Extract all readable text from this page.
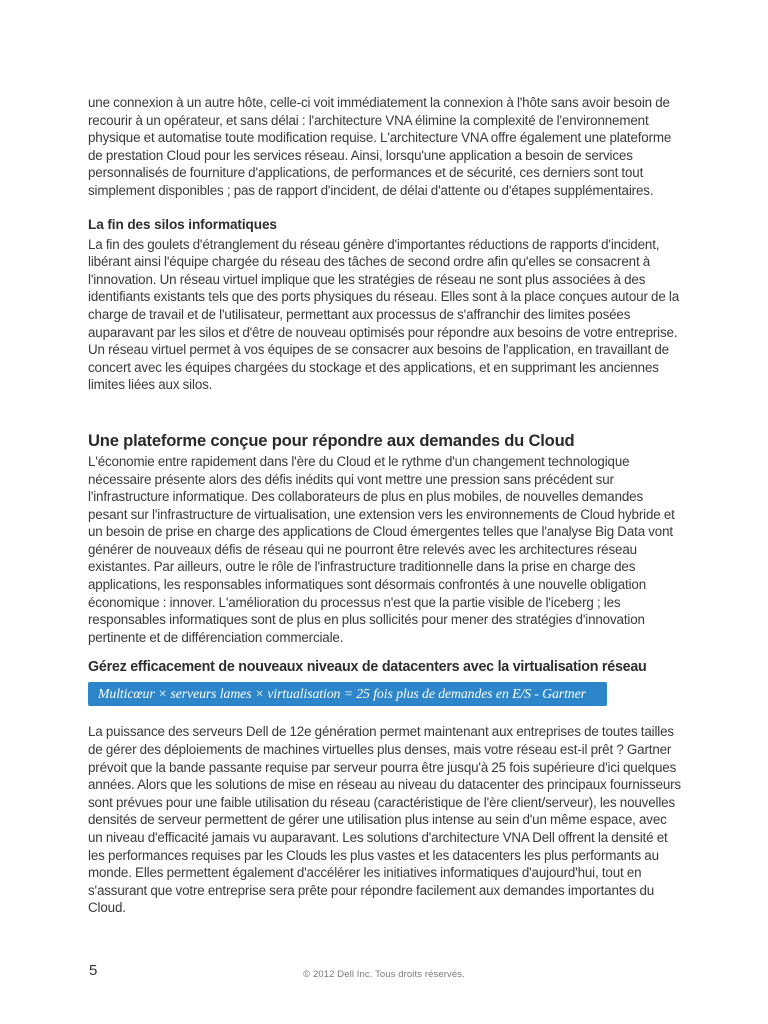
une connexion à un autre hôte, celle-ci voit immédiatement la connexion à l'hôte sans avoir besoin de recourir à un opérateur, et sans délai : l'architecture VNA élimine la complexité de l'environnement physique et automatise toute modification requise. L'architecture VNA offre également une plateforme de prestation Cloud pour les services réseau. Ainsi, lorsqu'une application a besoin de services personnalisés de fourniture d'applications, de performances et de sécurité, ces derniers sont tout simplement disponibles ; pas de rapport d'incident, de délai d'attente ou d'étapes supplémentaires.

La fin des silos informatiques

La fin des goulets d'étranglement du réseau génère d'importantes réductions de rapports d'incident, libérant ainsi l'équipe chargée du réseau des tâches de second ordre afin qu'elles se consacrent à l'innovation. Un réseau virtuel implique que les stratégies de réseau ne sont plus associées à des identifiants existants tels que des ports physiques du réseau. Elles sont à la place conçues autour de la charge de travail et de l'utilisateur, permettant aux processus de s'affranchir des limites posées auparavant par les silos et d'être de nouveau optimisés pour répondre aux besoins de votre entreprise. Un réseau virtuel permet à vos équipes de se consacrer aux besoins de l'application, en travaillant de concert avec les équipes chargées du stockage et des applications, et en supprimant les anciennes limites liées aux silos.

Une plateforme conçue pour répondre aux demandes du Cloud

L'économie entre rapidement dans l'ère du Cloud et le rythme d'un changement technologique nécessaire présente alors des défis inédits qui vont mettre une pression sans précédent sur l'infrastructure informatique. Des collaborateurs de plus en plus mobiles, de nouvelles demandes pesant sur l'infrastructure de virtualisation, une extension vers les environnements de Cloud hybride et un besoin de prise en charge des applications de Cloud émergentes telles que l'analyse Big Data vont générer de nouveaux défis de réseau qui ne pourront être relevés avec les architectures réseau existantes. Par ailleurs, outre le rôle de l'infrastructure traditionnelle dans la prise en charge des applications, les responsables informatiques sont désormais confrontés à une nouvelle obligation économique : innover. L'amélioration du processus n'est que la partie visible de l'iceberg ; les responsables informatiques sont de plus en plus sollicités pour mener des stratégies d'innovation pertinente et de différenciation commerciale.

Gérez efficacement de nouveaux niveaux de datacenters avec la virtualisation réseau
Multicœur × serveurs lames × virtualisation = 25 fois plus de demandes en E/S - Gartner

La puissance des serveurs Dell de 12e génération permet maintenant aux entreprises de toutes tailles de gérer des déploiements de machines virtuelles plus denses, mais votre réseau est-il prêt ? Gartner prévoit que la bande passante requise par serveur pourra être jusqu'à 25 fois supérieure d'ici quelques années. Alors que les solutions de mise en réseau au niveau du datacenter des principaux fournisseurs sont prévues pour une faible utilisation du réseau (caractéristique de l'ère client/serveur), les nouvelles densités de serveur permettent de gérer une utilisation plus intense au sein d'un même espace, avec un niveau d'efficacité jamais vu auparavant. Les solutions d'architecture VNA Dell offrent la densité et les performances requises par les Clouds les plus vastes et les datacenters les plus performants au monde. Elles permettent également d'accélérer les initiatives informatiques d'aujourd'hui, tout en s'assurant que votre entreprise sera prête pour répondre facilement aux demandes importantes du Cloud.

5	© 2012 Dell Inc. Tous droits réservés.
